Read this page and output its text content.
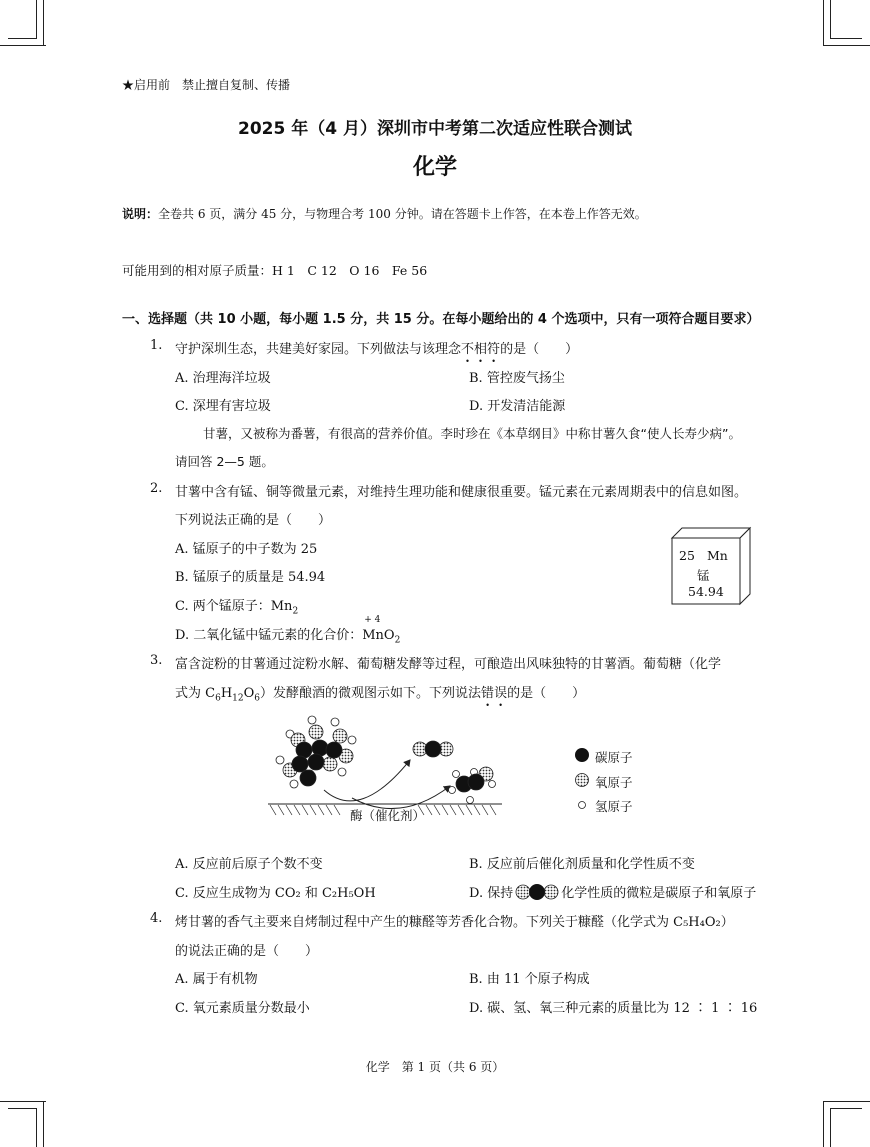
★启用前　禁止擅自复制、传播
2025 年（4 月）深圳市中考第二次适应性联合测试
化学
说明：全卷共 6 页，满分 45 分，与物理合考 100 分钟。请在答题卡上作答，在本卷上作答无效。
可能用到的相对原子质量：H 1　C 12　O 16　Fe 56
一、选择题（共 10 小题，每小题 1.5 分，共 15 分。在每小题给出的 4 个选项中，只有一项符合题目要求）
1. 守护深圳生态，共建美好家园。下列做法与该理念不相符的是（　　）
A. 治理海洋垃圾	B. 管控废气扬尘
C. 深埋有害垃圾	D. 开发清洁能源
甘薯，又被称为番薯，有很高的营养价值。李时珍在《本草纲目》中称甘薯久食“使人长寿少病”。
请回答 2—5 题。
2. 甘薯中含有锰、铜等微量元素，对维持生理功能和健康很重要。锰元素在元素周期表中的信息如图。
下列说法正确的是（　　）
A. 锰原子的中子数为 25
B. 锰原子的质量是 54.94
C. 两个锰原子：$Mn_2$
D. 二氧化锰中锰元素的化合价：
+ 4
MnO$_2$
25 Mn
锰
54.94
3. 富含淀粉的甘薯通过淀粉水解、葡萄糖发酵等过程，可酿造出风味独特的甘薯酒。葡萄糖（化学
式为 $C_6H_{12}O_6$）发酵酿酒的微观图示如下。下列说法错误的是（　　）
酶（催化剂）
碳原子
氧原子
氢原子
A. 反应前后原子个数不变	B. 反应前后催化剂质量和化学性质不变
C. 反应生成物为 CO₂ 和 C₂H₅OH	D. 保持	化学性质的微粒是碳原子和氧原子
4. 烤甘薯的香气主要来自烤制过程中产生的糠醛等芳香化合物。下列关于糠醛（化学式为 C₅H₄O₂）
的说法正确的是（　　）
A. 属于有机物	B. 由 11 个原子构成
C. 氧元素质量分数最小	D. 碳、氢、氧三种元素的质量比为 12 ∶ 1 ∶ 16
化学　第 1 页（共 6 页）
